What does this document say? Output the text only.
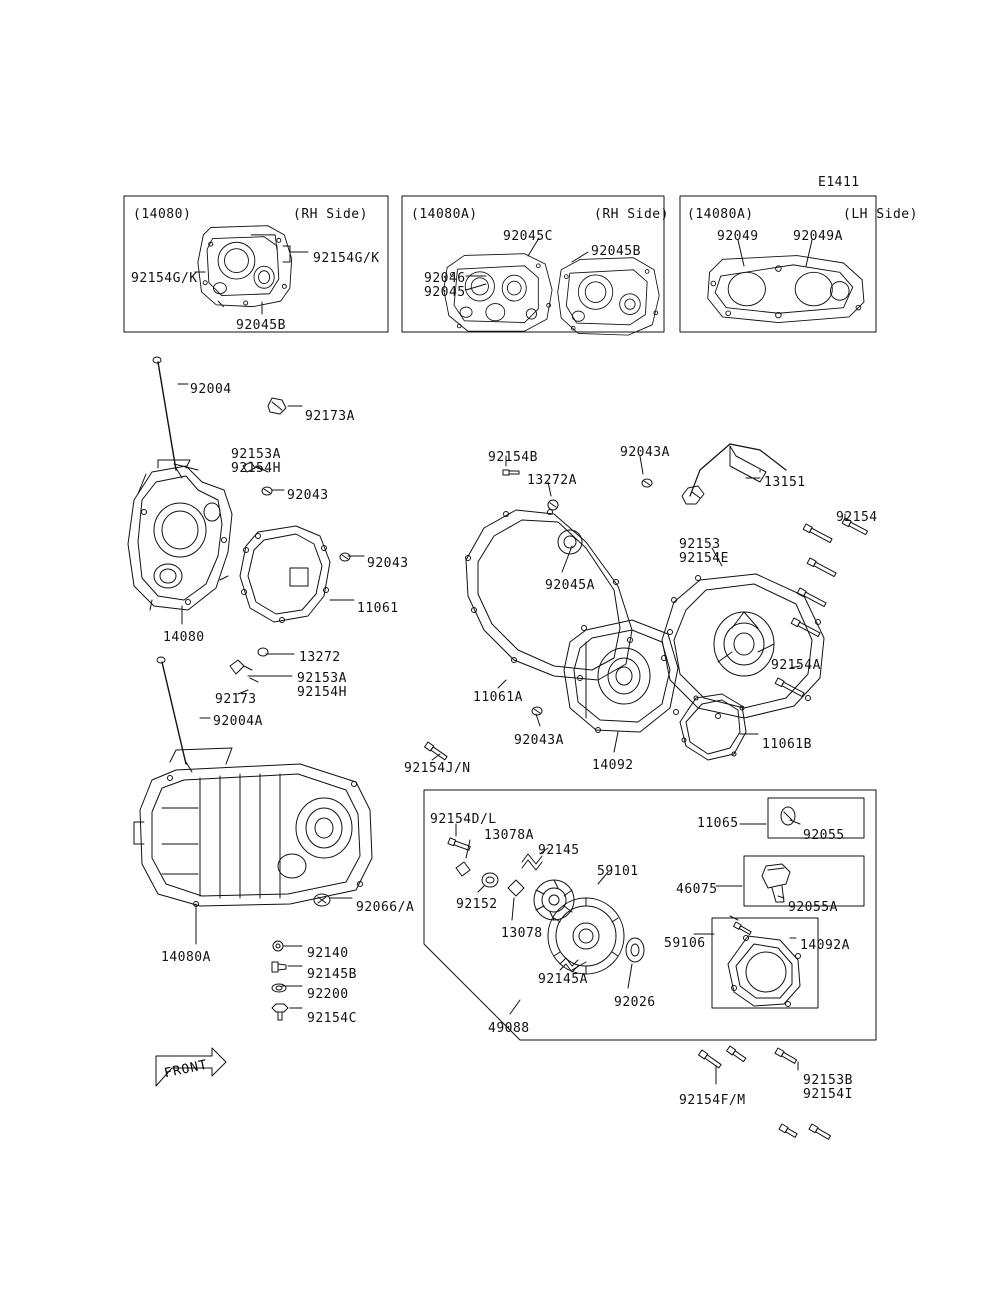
E1411
(14080)	(RH Side)
92154G/K
92154G/K
92045B
(14080A)	(RH Side)
92045C
92045B
92046
92045
(14080A)	(LH Side)
92049	92049A
92004
92173A
92153A
92154H
92043
92043
11061
14080
13272
92153A
92154H
92173
92004A
92066/A
14080A	92140
92145B
92200
92154C
92154B
13272A
92043A
13151
92154
92153
92154E
92045A
92154A
11061A
92043A
14092
11061B
92154J/N
92154D/L
13078A
92145
59101
92152
13078
92145A
92026
49088
11065
92055
46075
92055A
59106	14092A
92154F/M
92153B
92154I
FRONT
